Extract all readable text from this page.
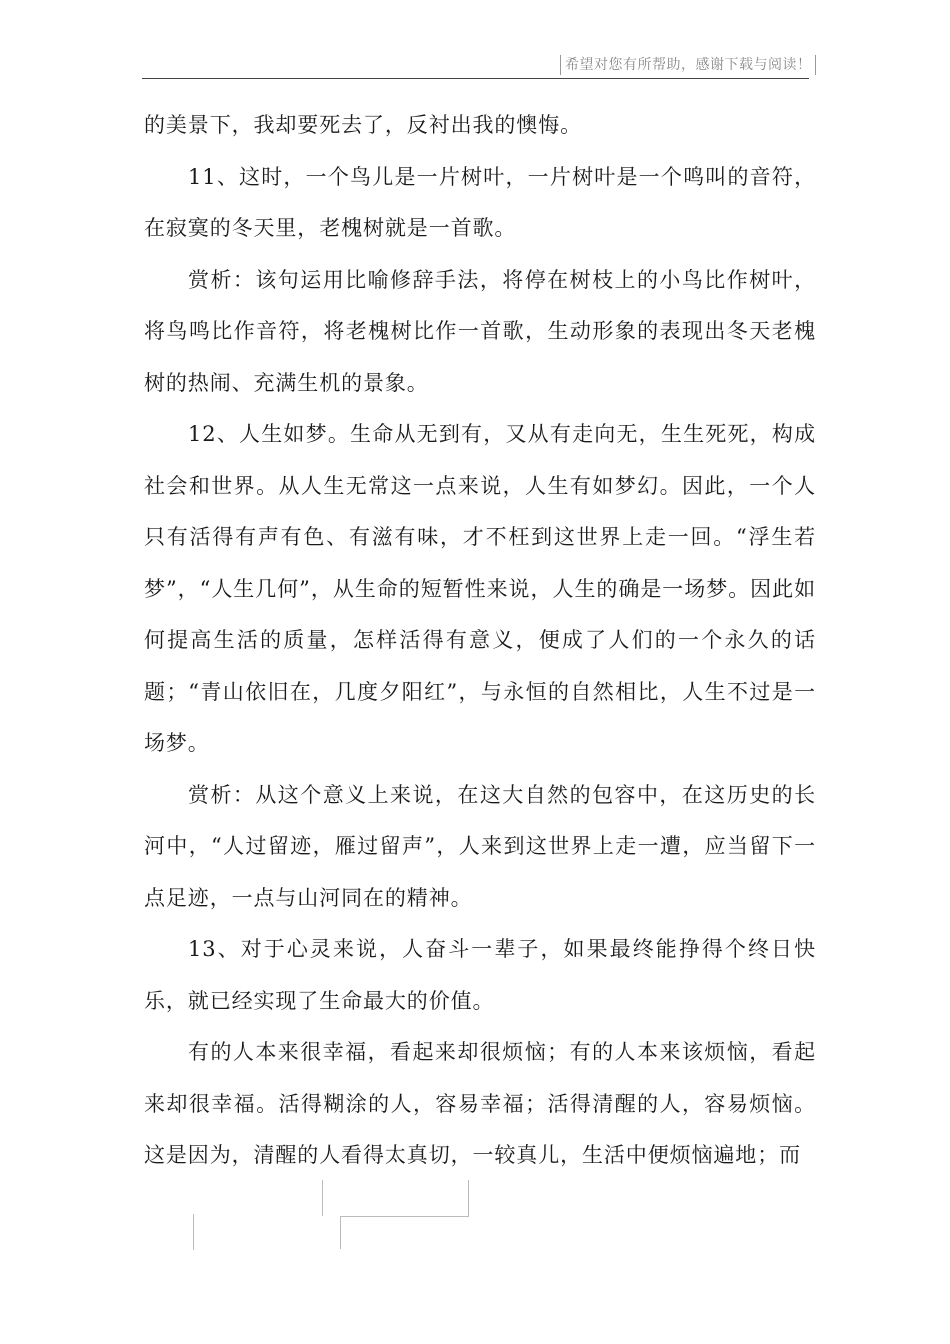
希望对您有所帮助，感谢下载与阅读！

的美景下，我却要死去了，反衬出我的懊悔。

11、这时，一个鸟儿是一片树叶，一片树叶是一个鸣叫的音符，在寂寞的冬天里，老槐树就是一首歌。

赏析：该句运用比喻修辞手法，将停在树枝上的小鸟比作树叶，将鸟鸣比作音符，将老槐树比作一首歌，生动形象的表现出冬天老槐树的热闹、充满生机的景象。

12、人生如梦。生命从无到有，又从有走向无，生生死死，构成社会和世界。从人生无常这一点来说，人生有如梦幻。因此，一个人只有活得有声有色、有滋有味，才不枉到这世界上走一回。“浮生若梦”，“人生几何”，从生命的短暂性来说，人生的确是一场梦。因此如何提高生活的质量，怎样活得有意义，便成了人们的一个永久的话题；“青山依旧在，几度夕阳红”，与永恒的自然相比，人生不过是一场梦。

赏析：从这个意义上来说，在这大自然的包容中，在这历史的长河中，“人过留迹，雁过留声”，人来到这世界上走一遭，应当留下一点足迹，一点与山河同在的精神。

13、对于心灵来说，人奋斗一辈子，如果最终能挣得个终日快乐，就已经实现了生命最大的价值。

有的人本来很幸福，看起来却很烦恼；有的人本来该烦恼，看起来却很幸福。活得糊涂的人，容易幸福；活得清醒的人，容易烦恼。这是因为，清醒的人看得太真切，一较真儿，生活中便烦恼遍地；而
